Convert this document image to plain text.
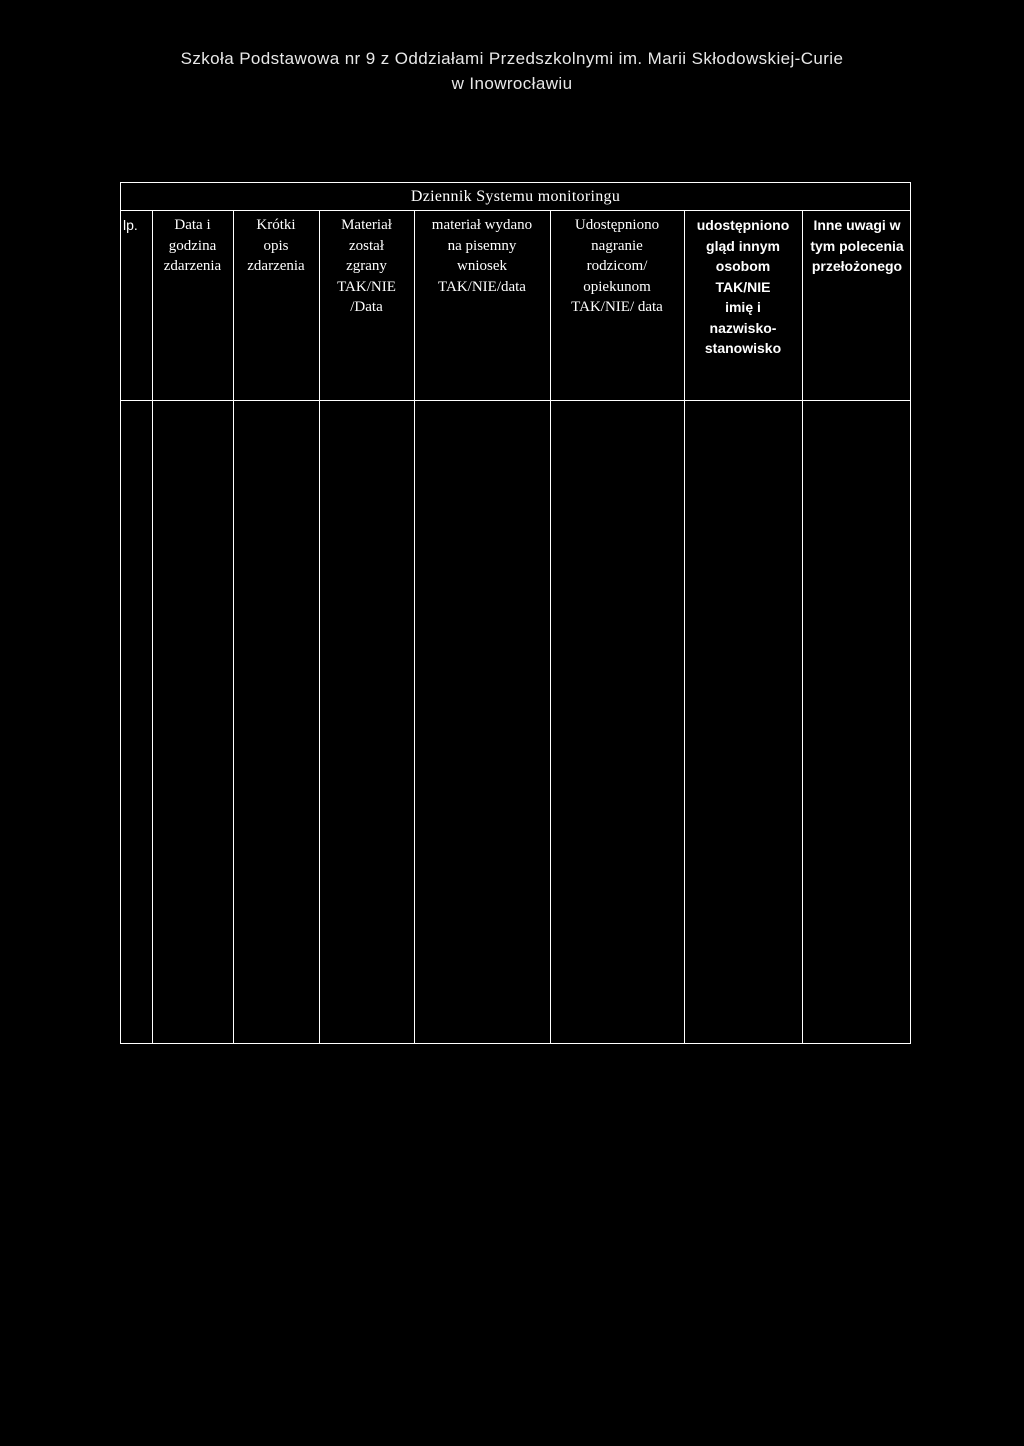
Szkoła Podstawowa nr 9 z Oddziałami Przedszkolnymi im. Marii Skłodowskiej-Curie
w Inowrocławiu
Dziennik Systemu monitoringu
lp.	Data i
godzina
zdarzenia
Krótki
opis
zdarzenia
Materiał
został
zgrany
TAK/NIE
/Data
materiał wydano
na pisemny
wniosek
TAK/NIE/data
Udostępniono
nagranie
rodzicom/
opiekunom
TAK/NIE/ data
udostępniono
gląd innym
osobom
TAK/NIE
imię i
nazwisko-
stanowisko
Inne uwagi w
tym polecenia
przełożonego
